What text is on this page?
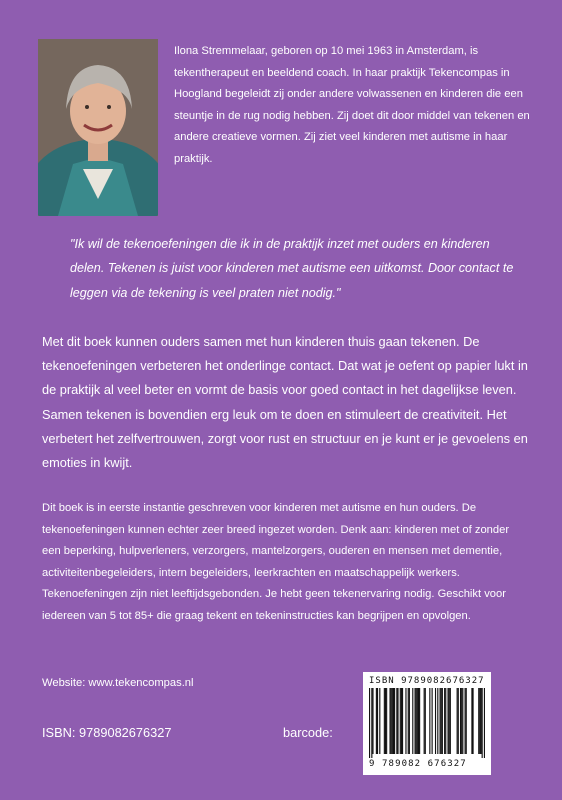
Ilona Stremmelaar, geboren op 10 mei 1963 in Amsterdam, is tekentherapeut en beeldend coach. In haar praktijk Tekencompas in Hoogland begeleidt zij onder andere volwassenen en kinderen die een steuntje in de rug nodig hebben. Zij doet dit door middel van tekenen en andere creatieve vormen. Zij ziet veel kinderen met autisme in haar praktijk.

"Ik wil de tekenoefeningen die ik in de praktijk inzet met ouders en kinderen delen. Tekenen is juist voor kinderen met autisme een uitkomst. Door contact te leggen via de tekening is veel praten niet nodig."

Met dit boek kunnen ouders samen met hun kinderen thuis gaan tekenen. De tekenoefeningen verbeteren het onderlinge contact. Dat wat je oefent op papier lukt in de praktijk al veel beter en vormt de basis voor goed contact in het dagelijkse leven. Samen tekenen is bovendien erg leuk om te doen en stimuleert de creativiteit. Het verbetert het zelfvertrouwen, zorgt voor rust en structuur en je kunt er je gevoelens en emoties in kwijt.

Dit boek is in eerste instantie geschreven voor kinderen met autisme en hun ouders. De tekenoefeningen kunnen echter zeer breed ingezet worden. Denk aan: kinderen met of zonder een beperking, hulpverleners, verzorgers, mantelzorgers, ouderen en mensen met dementie, activiteitenbegeleiders, intern begeleiders, leerkrachten en maatschappelijk werkers. Tekenoefeningen zijn niet leeftijdsgebonden. Je hebt geen tekenervaring nodig. Geschikt voor iedereen van 5 tot 85+ die graag tekent en tekeninstructies kan begrijpen en opvolgen.

Website: www.tekencompas.nl
ISBN: 9789082676327	barcode:
ISBN 9789082676327
9 789082 676327
